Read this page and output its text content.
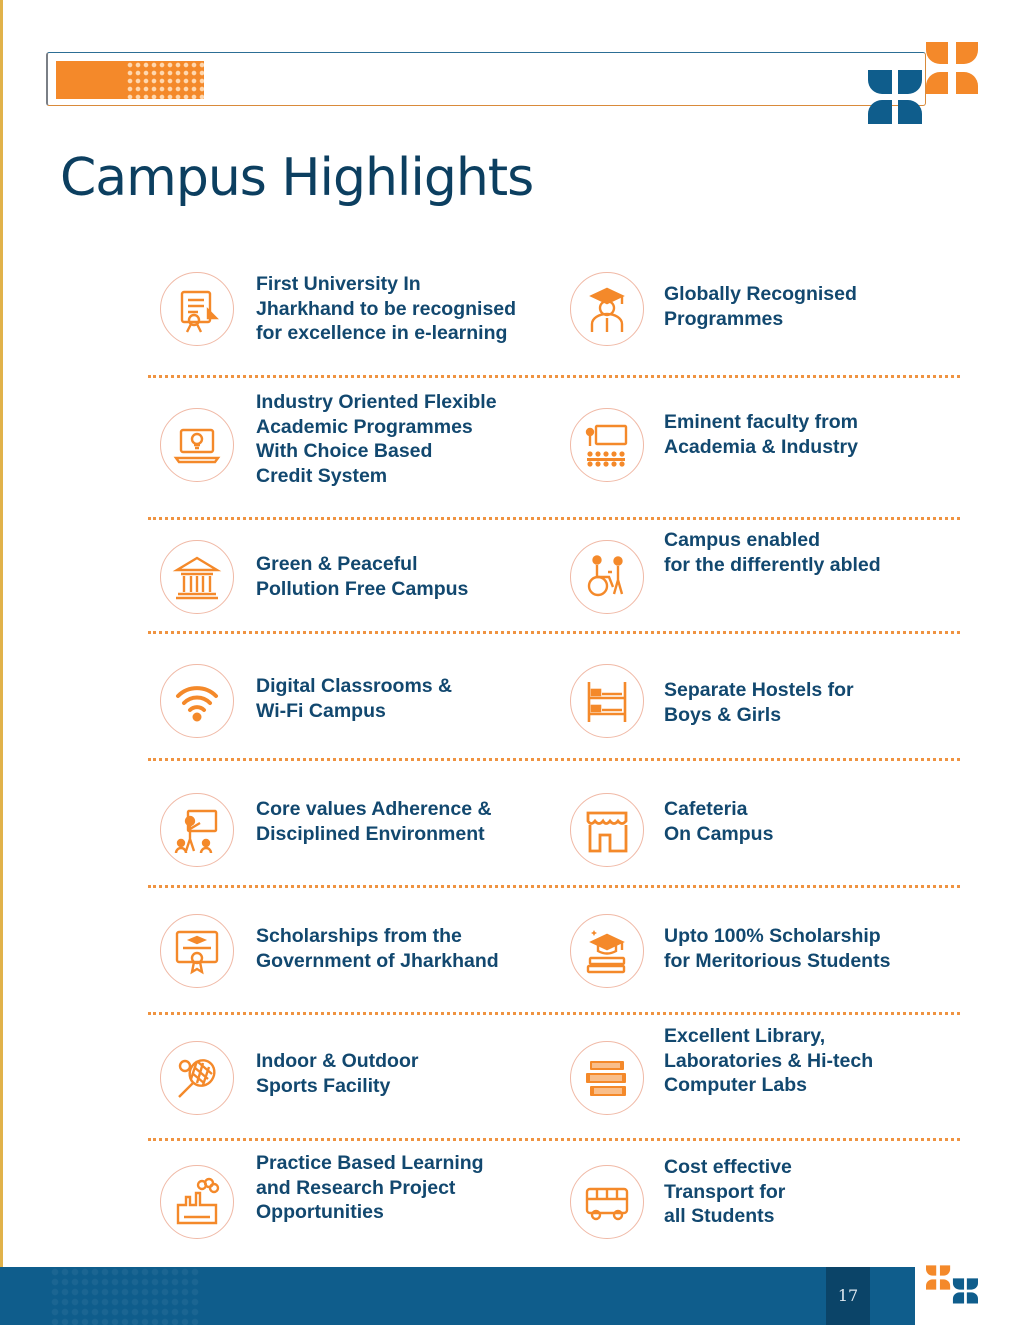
Campus Highlights
First University In
Jharkhand to be recognised
for excellence in e-learning
Globally Recognised
Programmes
Industry Oriented Flexible
Academic Programmes
With Choice Based
Credit System
Eminent faculty from
Academia & Industry
Green & Peaceful
Pollution Free Campus
Campus enabled
for the differently abled
Digital Classrooms &
Wi-Fi Campus
Separate Hostels for
Boys & Girls
Core values Adherence &
Disciplined Environment
Cafeteria
On Campus
Scholarships from the
Government of Jharkhand
Upto 100% Scholarship
for Meritorious Students
Indoor & Outdoor
Sports Facility
Excellent Library,
Laboratories & Hi-tech
Computer Labs
Practice Based Learning
and Research Project
Opportunities
Cost effective
Transport for
all Students
17
